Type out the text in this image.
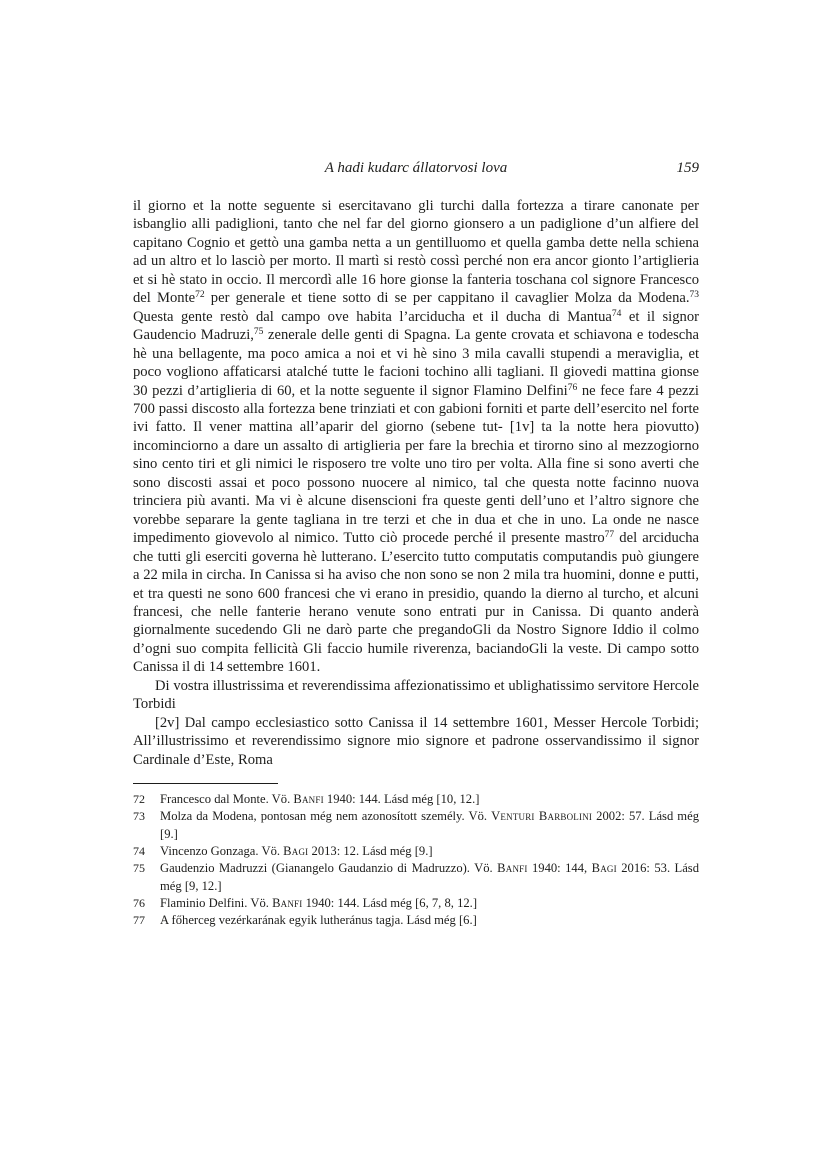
A hadi kudarc állatorvosi lova	159

il giorno et la notte seguente si esercitavano gli turchi dalla fortezza a tirare canonate per isbanglio alli padiglioni, tanto che nel far del giorno gionsero a un padiglione d’un alfiere del capitano Cognio et gettò una gamba netta a un gentilluomo et quella gamba dette nella schiena ad un altro et lo lasciò per morto. Il martì si restò cossì perché non era ancor gionto l’artiglieria et si hè stato in occio. Il mercordì alle 16 hore gionse la fanteria toschana col signore Francesco del Monte$^{72}$ per generale et tiene sotto di se per cappitano il cavaglier Molza da Modena.$^{73}$ Questa gente restò dal campo ove habita l’arciducha et il ducha di Mantua$^{74}$ et il signor Gaudencio Madruzi,$^{75}$ zenerale delle genti di Spagna. La gente crovata et schiavona e todescha hè una bellagente, ma poco amica a noi et vi hè sino 3 mila cavalli stupendi a meraviglia, et poco vogliono affaticarsi atalché tutte le facioni tochino alli tagliani. Il giovedi mattina gionse 30 pezzi d’artiglieria di 60, et la notte seguente il signor Flamino Delfini$^{76}$ ne fece fare 4 pezzi 700 passi discosto alla fortezza bene trinziati et con gabioni forniti et parte dell’esercito nel forte ivi fatto. Il vener mattina all’aparir del giorno (sebene tut- [1v] ta la notte hera piovutto) incominciorno a dare un assalto di artiglieria per fare la brechia et tirorno sino al mezzogiorno sino cento tiri et gli nimici le risposero tre volte uno tiro per volta. Alla fine si sono averti che sono discosti assai et poco possono nuocere al nimico, tal che questa notte facinno nuova trinciera più avanti. Ma vi è alcune disenscioni fra queste genti dell’uno et l’altro signore che vorebbe separare la gente tagliana in tre terzi et che in dua et che in uno. La onde ne nasce impedimento giovevolo al nimico. Tutto ciò procede perché il presente mastro$^{77}$ del arciducha che tutti gli eserciti governa hè lutterano. L’esercito tutto computatis computandis può giungere a 22 mila in circha. In Canissa si ha aviso che non sono se non 2 mila tra huomini, donne e putti, et tra questi ne sono 600 francesi che vi erano in presidio, quando la dierno al turcho, et alcuni francesi, che nelle fanterie herano venute sono entrati pur in Canissa. Di quanto anderà giornalmente sucedendo Gli ne darò parte che pregandoGli da Nostro Signore Iddio il colmo d’ogni suo compita fellicità Gli faccio humile riverenza, baciandoGli la veste. Di campo sotto Canissa il di 14 settembre 1601.

Di vostra illustrissima et reverendissima affezionatissimo et ublighatissimo servitore Hercole Torbidi

[2v] Dal campo ecclesiastico sotto Canissa il 14 settembre 1601, Messer Hercole Torbidi; All’illustrissimo et reverendissimo signore mio signore et padrone osservandissimo il signor Cardinale d’Este, Roma

72	Francesco dal Monte. Vö. Banfi 1940: 144. Lásd még [10, 12.]
73	Molza da Modena, pontosan még nem azonosított személy. Vö. Venturi Barbolini 2002: 57. Lásd még [9.]
74	Vincenzo Gonzaga. Vö. Bagi 2013: 12. Lásd még [9.]
75	Gaudenzio Madruzzi (Gianangelo Gaudanzio di Madruzzo). Vö. Banfi 1940: 144, Bagi 2016: 53. Lásd még [9, 12.]
76	Flaminio Delfini. Vö. Banfi 1940: 144. Lásd még [6, 7, 8, 12.]
77	A főherceg vezérkarának egyik lutheránus tagja. Lásd még [6.]
